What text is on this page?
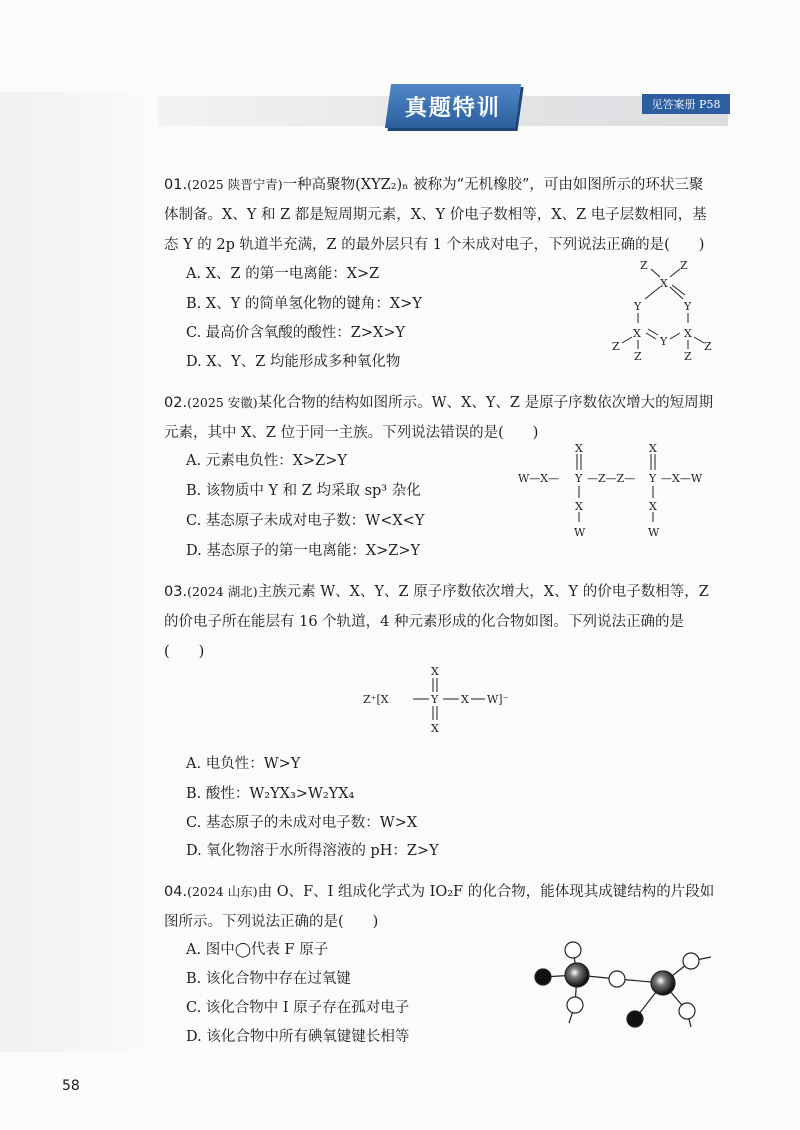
真题特训	见答案册 P58

01.(2025 陕晋宁青)一种高聚物(XYZ₂)ₙ 被称为“无机橡胶”，可由如图所示的环状三聚

体制备。X、Y 和 Z 都是短周期元素，X、Y 价电子数相等，X、Z 电子层数相同，基

态 Y 的 2p 轨道半充满，Z 的最外层只有 1 个未成对电子，下列说法正确的是(　　)

A. X、Z 的第一电离能：X>Z
B. X、Y 的简单氢化物的键角：X>Y
C. 最高价含氧酸的酸性：Z>X>Y
D. X、Y、Z 均能形成多种氧化物
Z	Z
X
Y	Y
X
Y
X
Z
Z
Z
Z

02.(2025 安徽)某化合物的结构如图所示。W、X、Y、Z 是原子序数依次增大的短周期

元素，其中 X、Z 位于同一主族。下列说法错误的是(　　)

A. 元素电负性：X>Z>Y
B. 该物质中 Y 和 Z 均采取 sp³ 杂化
C. 基态原子未成对电子数：W<X<Y
D. 基态原子的第一电离能：X>Z>Y
X	X
W—X— Y —Z—Z— Y —X—W
X	X
W	W

03.(2024 湖北)主族元素 W、X、Y、Z 原子序数依次增大，X、Y 的价电子数相等，Z

的价电子所在能层有 16 个轨道，4 种元素形成的化合物如图。下列说法正确的是

(　　)

X
Z⁺[X	Y X W]⁻
X
A. 电负性：W>Y
B. 酸性：W₂YX₃>W₂YX₄
C. 基态原子的未成对电子数：W>X
D. 氧化物溶于水所得溶液的 pH：Z>Y

04.(2024 山东)由 O、F、I 组成化学式为 IO₂F 的化合物，能体现其成键结构的片段如

图所示。下列说法正确的是(　　)

A. 图中◯代表 F 原子
B. 该化合物中存在过氧键
C. 该化合物中 I 原子存在孤对电子
D. 该化合物中所有碘氧键键长相等
58
